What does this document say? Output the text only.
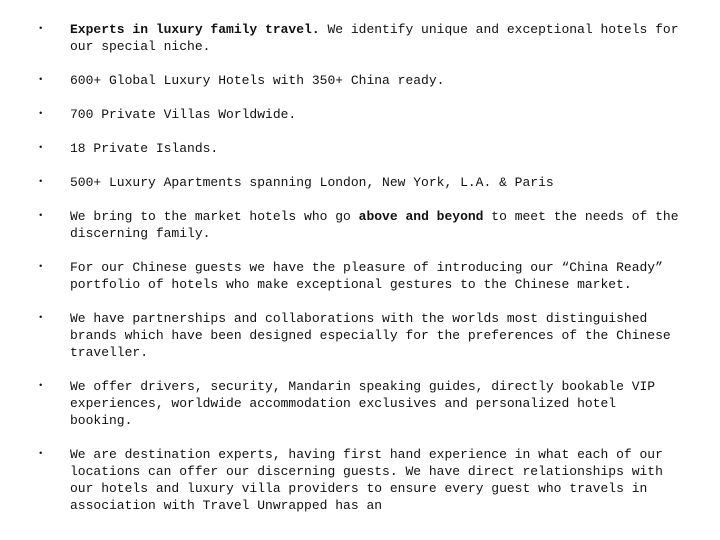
• Experts in luxury family travel. We identify unique and exceptional hotels for our special niche.
• 600+ Global Luxury Hotels with 350+ China ready.
• 700 Private Villas Worldwide.
• 18 Private Islands.
• 500+ Luxury Apartments spanning London, New York, L.A. & Paris
• We bring to the market hotels who go above and beyond to meet the needs of the discerning family.
• For our Chinese guests we have the pleasure of introducing our “China Ready” portfolio of hotels who make exceptional gestures to the Chinese market.
• We have partnerships and collaborations with the worlds most distinguished brands which have been designed especially for the preferences of the Chinese traveller.
• We offer drivers, security, Mandarin speaking guides, directly bookable VIP experiences, worldwide accommodation exclusives and personalized hotel booking.
• We are destination experts, having first hand experience in what each of our locations can offer our discerning guests. We have direct relationships with our hotels and luxury villa providers to ensure every guest who travels in association with Travel Unwrapped has an
